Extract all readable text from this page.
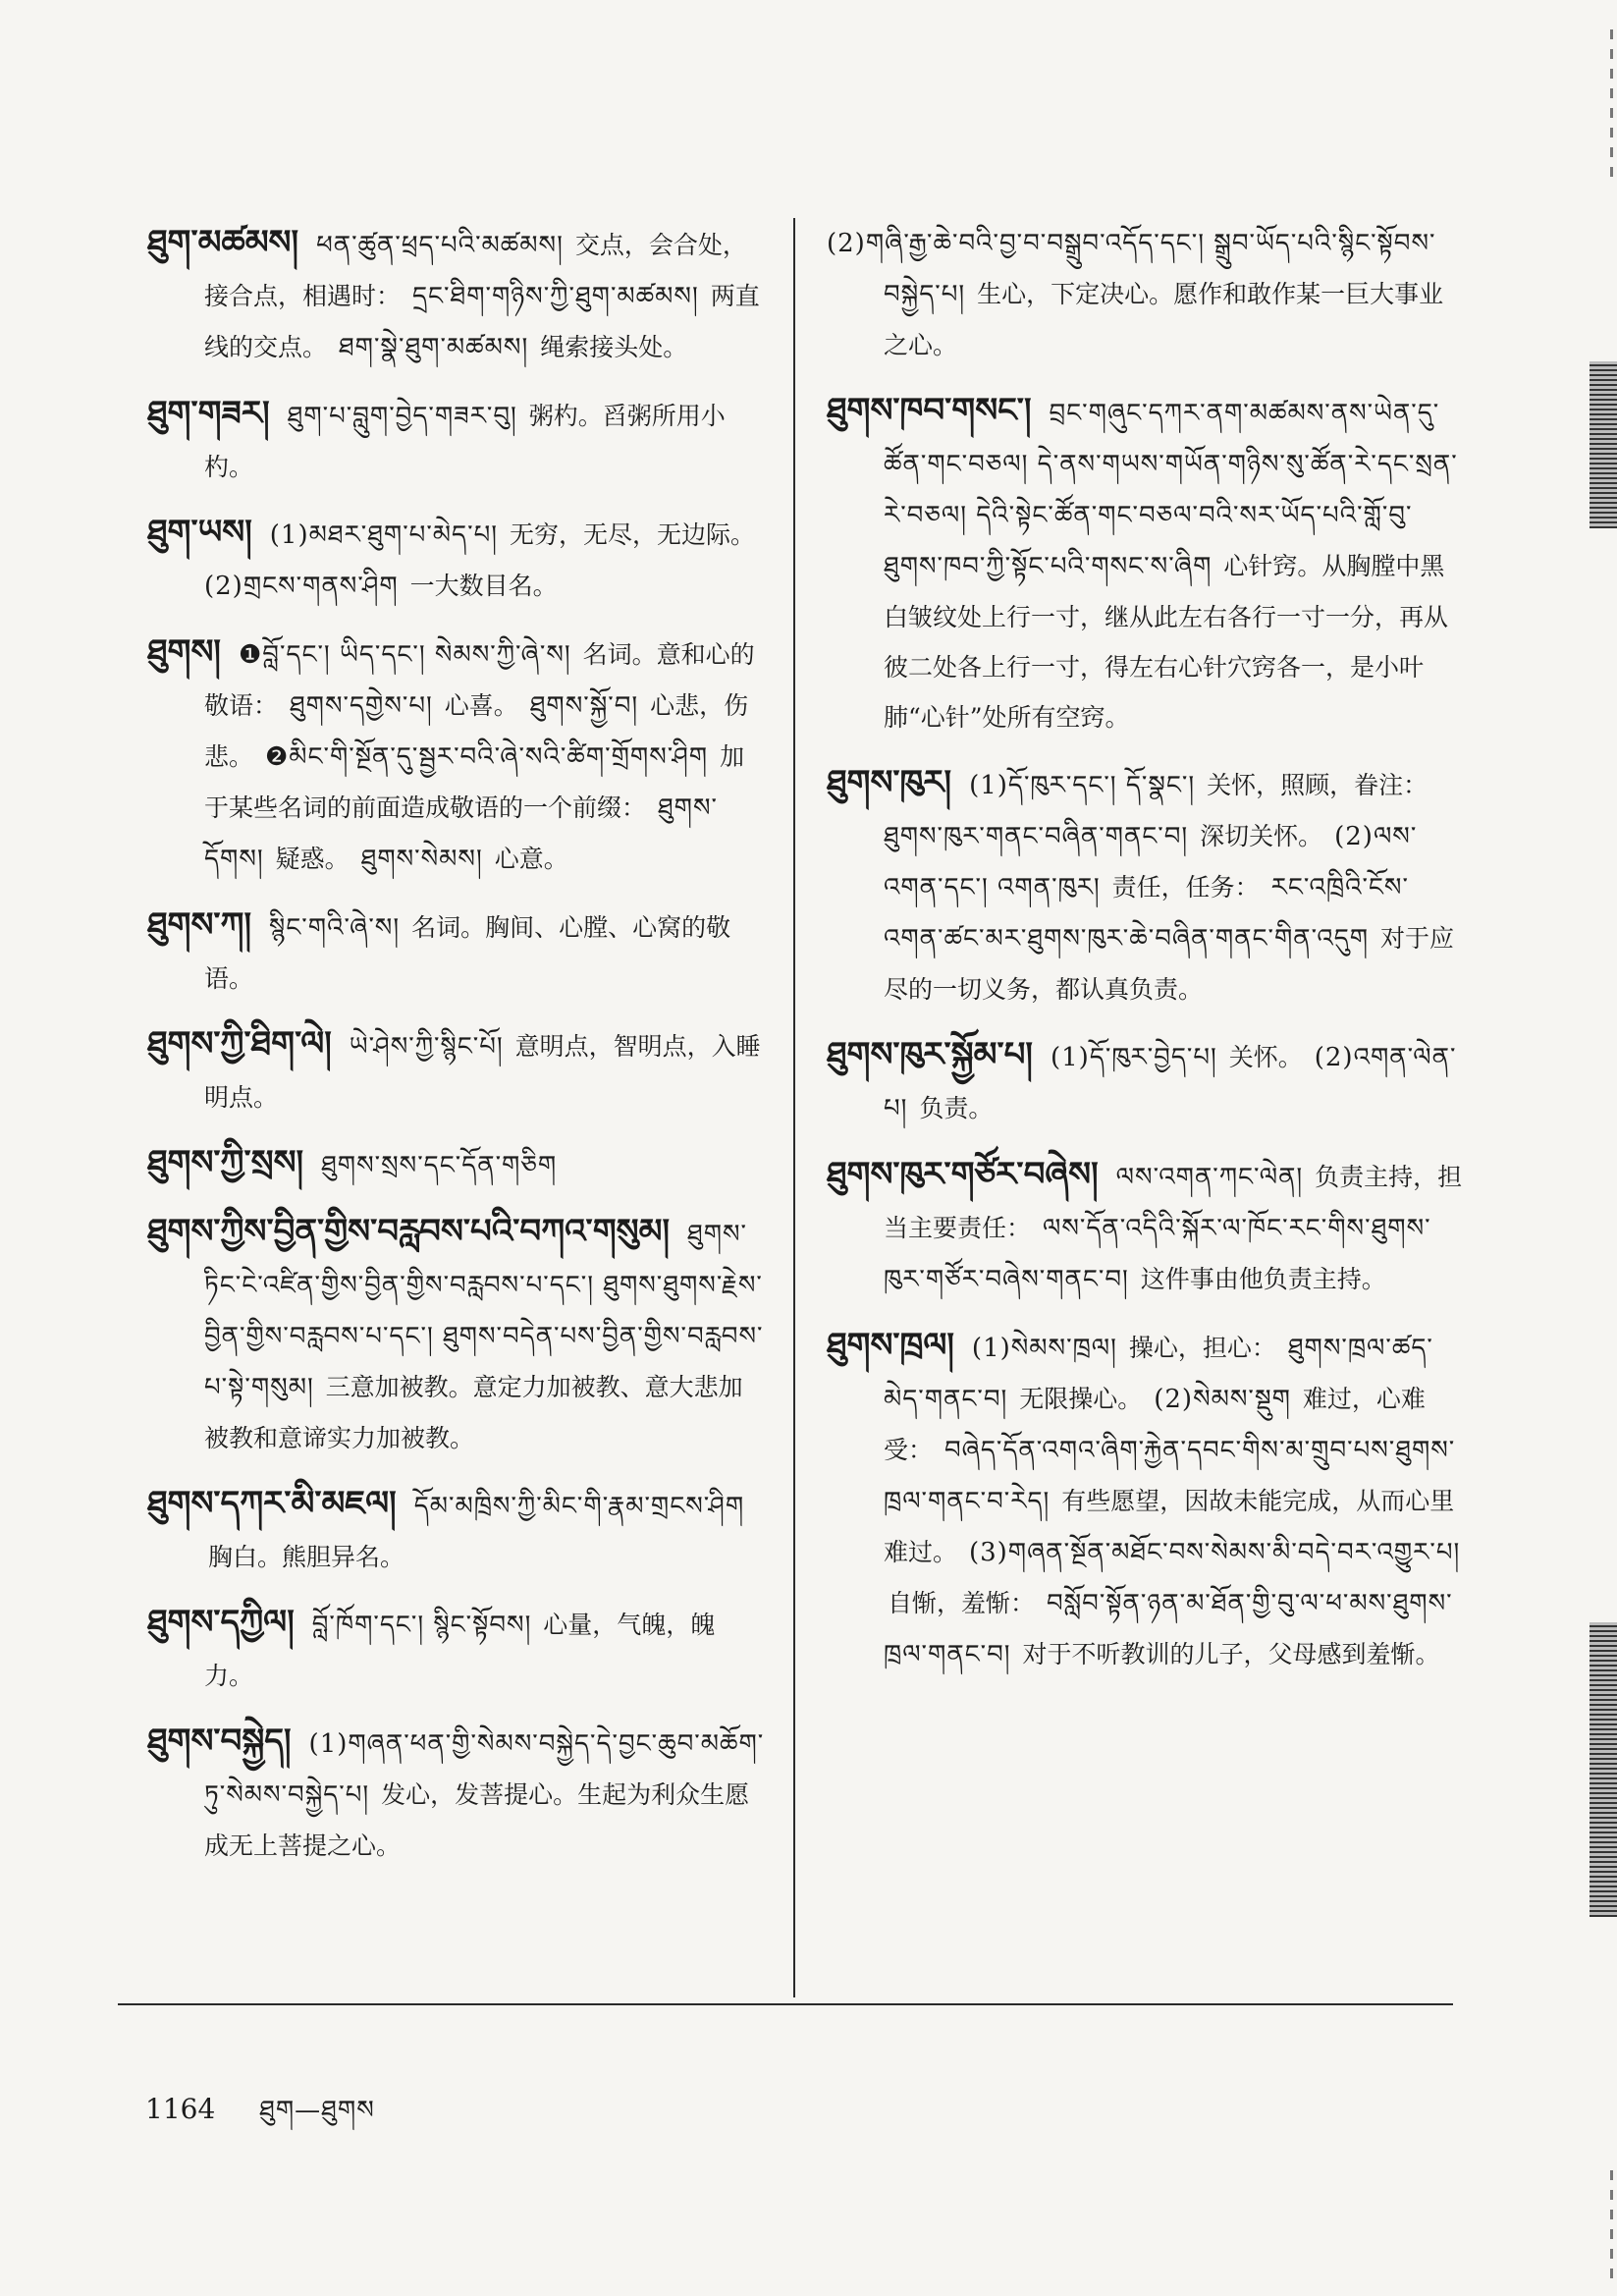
ཐུག་མཚམས། ཕན་ཚུན་ཕྲད་པའི་མཚམས། 交点，会合处，接合点，相遇时： དྲང་ཐིག་གཉིས་ཀྱི་ཐུག་མཚམས། 两直线的交点。 ཐག་སྣེ་ཐུག་མཚམས། 绳索接头处。

ཐུག་གཟར། ཐུག་པ་བླུག་བྱེད་གཟར་བུ། 粥杓。舀粥所用小杓。

ཐུག་ཡས། (1)མཐར་ཐུག་པ་མེད་པ། 无穷，无尽，无边际。 (2)གྲངས་གནས་ཤིག 一大数目名。

ཐུགས། ❶བློ་དང་། ཡིད་དང་། སེམས་ཀྱི་ཞེ་ས། 名词。意和心的敬语： ཐུགས་དགྱེས་པ། 心喜。 ཐུགས་སྐྱོ་བ། 心悲，伤悲。 ❷མིང་གི་སྔོན་དུ་སྦྱར་བའི་ཞེ་སའི་ཚིག་གྲོགས་ཤིག 加于某些名词的前面造成敬语的一个前缀： ཐུགས་དོགས། 疑惑。 ཐུགས་སེམས། 心意。

ཐུགས་ཀ། སྙིང་གའི་ཞེ་ས། 名词。胸间、心膛、心窝的敬语。

ཐུགས་ཀྱི་ཐིག་ལེ། ཡེ་ཤེས་ཀྱི་སྙིང་པོ། 意明点，智明点，入睡明点。

ཐུགས་ཀྱི་སྲས། ཐུགས་སྲས་དང་དོན་གཅིག

ཐུགས་ཀྱིས་བྱིན་གྱིས་བརླབས་པའི་བཀའ་གསུམ། ཐུགས་ཏིང་ངེ་འཛིན་གྱིས་བྱིན་གྱིས་བརླབས་པ་དང་། ཐུགས་ཐུགས་རྗེས་བྱིན་གྱིས་བརླབས་པ་དང་། ཐུགས་བདེན་པས་བྱིན་གྱིས་བརླབས་པ་སྟེ་གསུམ། 三意加被教。意定力加被教、意大悲加被教和意谛实力加被教。

ཐུགས་དཀར་མི་མཇལ། དོམ་མཁྲིས་ཀྱི་མིང་གི་རྣམ་གྲངས་ཤིག 胸白。熊胆异名。

ཐུགས་དཀྱིལ། བློ་ཁོག་དང་། སྙིང་སྟོབས། 心量，气魄，魄力。

ཐུགས་བསྐྱེད། (1)གཞན་ཕན་གྱི་སེམས་བསྐྱེད་དེ་བྱང་ཆུབ་མཆོག་ཏུ་སེམས་བསྐྱེད་པ། 发心，发菩提心。生起为利众生愿成无上菩提之心。

(2)གཞི་རྒྱ་ཆེ་བའི་བྱ་བ་བསྒྲུབ་འདོད་དང་། སྒྲུབ་ཡོད་པའི་སྙིང་སྟོབས་བསྐྱེད་པ། 生心，下定决心。愿作和敢作某一巨大事业之心。

ཐུགས་ཁབ་གསང་། བྲང་གཞུང་དཀར་ནག་མཚམས་ནས་ཡེན་དུ་ཚོན་གང་བཅལ། དེ་ནས་གཡས་གཡོན་གཉིས་སུ་ཚོན་རེ་དང་སྲན་རེ་བཅལ། དེའི་སྟེང་ཚོན་གང་བཅལ་བའི་སར་ཡོད་པའི་གློ་བུ་ཐུགས་ཁབ་ཀྱི་སྟོང་པའི་གསང་ས་ཞིག 心针窍。从胸膛中黑白皱纹处上行一寸，继从此左右各行一寸一分，再从彼二处各上行一寸，得左右心针穴窍各一，是小叶肺“心针”处所有空窍。

ཐུགས་ཁུར། (1)དོ་ཁུར་དང་། དོ་སྣང་། 关怀，照顾，眷注： ཐུགས་ཁུར་གནང་བཞིན་གནང་བ། 深切关怀。 (2)ལས་འགན་དང་། འགན་ཁུར། 责任，任务： རང་འཁྲིའི་ངོས་འགན་ཚང་མར་ཐུགས་ཁུར་ཆེ་བཞིན་གནང་གིན་འདུག 对于应尽的一切义务，都认真负责。

ཐུགས་ཁུར་སྐྱོམ་པ། (1)དོ་ཁུར་བྱེད་པ། 关怀。 (2)འགན་ལེན་པ། 负责。

ཐུགས་ཁུར་གཙོར་བཞེས། ལས་འགན་ཀང་ལེན། 负责主持，担当主要责任： ལས་དོན་འདིའི་སྐོར་ལ་ཁོང་རང་གིས་ཐུགས་ཁུར་གཙོར་བཞེས་གནང་བ། 这件事由他负责主持。

ཐུགས་ཁྲལ། (1)སེམས་ཁྲལ། 操心，担心： ཐུགས་ཁྲལ་ཚད་མེད་གནང་བ། 无限操心。 (2)སེམས་སྡུག 难过，心难受： བཞེད་དོན་འགའ་ཞིག་རྐྱེན་དབང་གིས་མ་གྲུབ་པས་ཐུགས་ཁྲལ་གནང་བ་རེད། 有些愿望，因故未能完成，从而心里难过。 (3)གཞན་སྔོན་མཐོང་བས་སེམས་མི་བདེ་བར་འགྱུར་པ། 自惭，羞惭： བསློབ་སྟོན་ཉན་མ་ཐོན་གྱི་བུ་ལ་ཕ་མས་ཐུགས་ཁྲལ་གནང་བ། 对于不听教训的儿子，父母感到羞惭。

1164 ཐུག—ཐུགས
